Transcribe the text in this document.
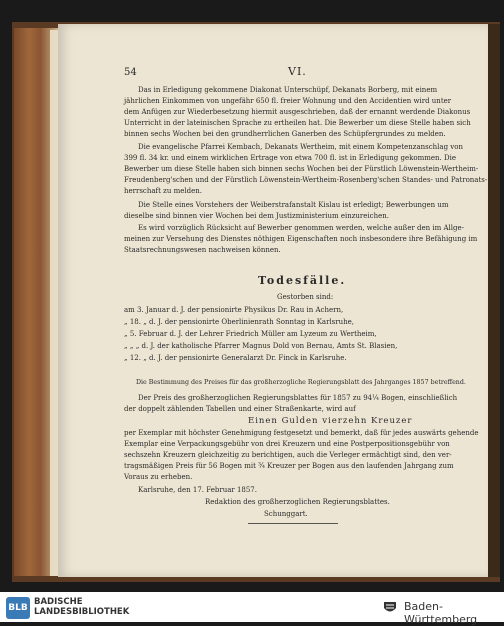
54	VI.
Das in Erledigung gekommene Diakonat Unterschüpf, Dekanats Borberg, mit einem
jährlichen Einkommen von ungefähr 650 fl. freier Wohnung und den Accidentien wird unter
dem Anfügen zur Wiederbesetzung hiermit ausgeschrieben, daß der ernannt werdende Diakonus
Unterricht in der lateinischen Sprache zu ertheilen hat. Die Bewerber um diese Stelle haben sich
binnen sechs Wochen bei den grundherrlichen Ganerben des Schüpfergrundes zu melden.
Die evangelische Pfarrei Kembach, Dekanats Wertheim, mit einem Kompetenzanschlag von
399 fl. 34 kr. und einem wirklichen Ertrage von etwa 700 fl. ist in Erledigung gekommen. Die
Bewerber um diese Stelle haben sich binnen sechs Wochen bei der Fürstlich Löwenstein-Wertheim-
Freudenberg'schen und der Fürstlich Löwenstein-Wertheim-Rosenberg'schen Standes- und Patronats-
herrschaft zu melden.
Die Stelle eines Vorstehers der Weiberstrafanstalt Kislau ist erledigt; Bewerbungen um
dieselbe sind binnen vier Wochen bei dem Justizministerium einzureichen.
Es wird vorzüglich Rücksicht auf Bewerber genommen werden, welche außer den im Allge-
meinen zur Versehung des Dienstes nöthigen Eigenschaften noch insbesondere ihre Befähigung im
Staatsrechnungswesen nachweisen können.
Todesfälle.
Gestorben sind:
am 3. Januar d. J. der pensionirte Physikus Dr. Rau in Achern,
„ 18. „ d. J. der pensionirte Oberlinienrath Sonntag in Karlsruhe,
„ 5. Februar d. J. der Lehrer Friedrich Müller am Lyzeum zu Wertheim,
„ „ „ d. J. der katholische Pfarrer Magnus Dold von Bernau, Amts St. Blasien,
„ 12. „ d. J. der pensionirte Generalarzt Dr. Finck in Karlsruhe.
Die Bestimmung des Preises für das großherzogliche Regierungsblatt des Jahrganges 1857 betreffend.
Der Preis des großherzoglichen Regierungsblattes für 1857 zu 94¼ Bogen, einschließlich
der doppelt zählenden Tabellen und einer Straßenkarte, wird auf
Einen Gulden vierzehn Kreuzer
per Exemplar mit höchster Genehmigung festgesetzt und bemerkt, daß für jedes auswärts gehende
Exemplar eine Verpackungsgebühr von drei Kreuzern und eine Postperpositionsgebühr von
sechszehn Kreuzern gleichzeitig zu berichtigen, auch die Verleger ermächtigt sind, den ver-
tragsmäßigen Preis für 56 Bogen mit ¾ Kreuzer per Bogen aus den laufenden Jahrgang zum
Voraus zu erheben.
Karlsruhe, den 17. Februar 1857.
Redaktion des großherzoglichen Regierungsblattes.
Schunggart.
BLB
BADISCHE
LANDESBIBLIOTHEK	Baden-Württemberg
